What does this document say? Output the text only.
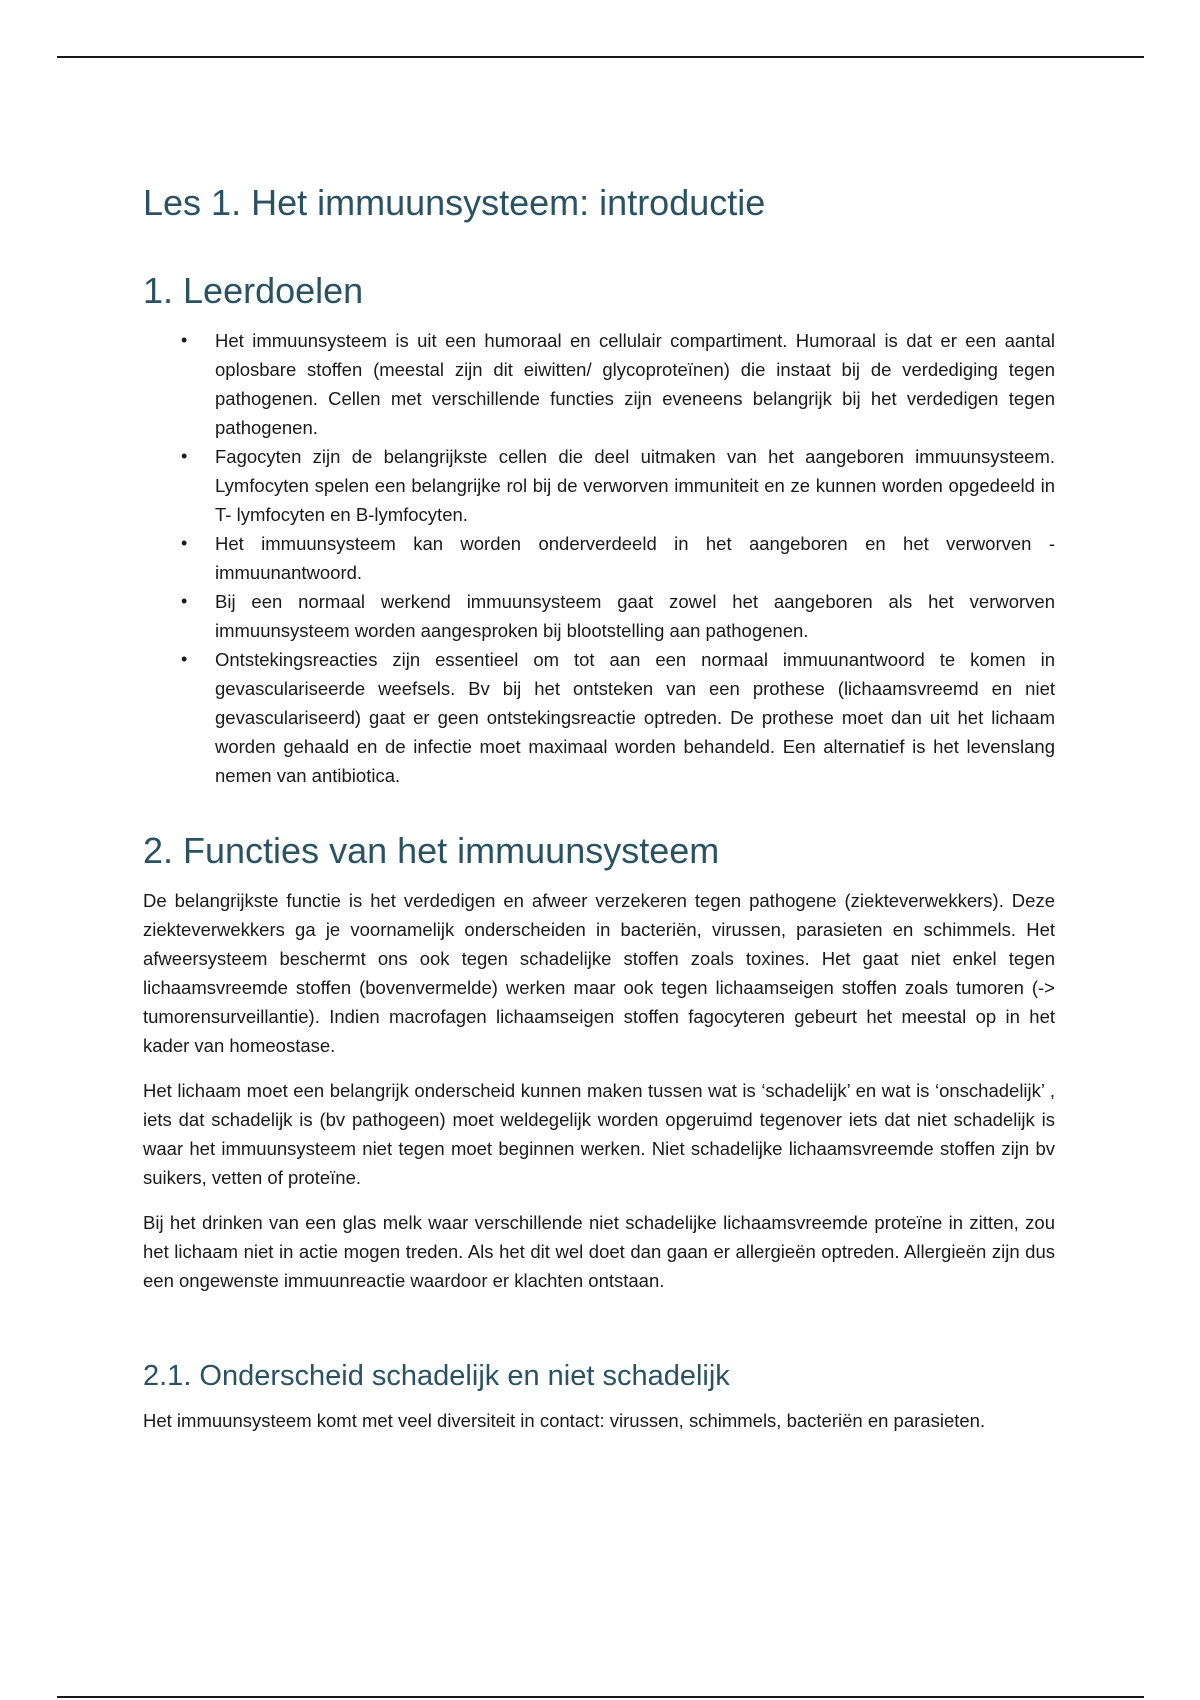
Les 1. Het immuunsysteem: introductie
1. Leerdoelen
• Het immuunsysteem is uit een humoraal en cellulair compartiment. Humoraal is dat er een aantal oplosbare stoffen (meestal zijn dit eiwitten/ glycoproteïnen) die instaat bij de verdediging tegen pathogenen. Cellen met verschillende functies zijn eveneens belangrijk bij het verdedigen tegen pathogenen.
• Fagocyten zijn de belangrijkste cellen die deel uitmaken van het aangeboren immuunsysteem. Lymfocyten spelen een belangrijke rol bij de verworven immuniteit en ze kunnen worden opgedeeld in T- lymfocyten en B-lymfocyten.
• Het immuunsysteem kan worden onderverdeeld in het aangeboren en het verworven - immuunantwoord.
• Bij een normaal werkend immuunsysteem gaat zowel het aangeboren als het verworven immuunsysteem worden aangesproken bij blootstelling aan pathogenen.
• Ontstekingsreacties zijn essentieel om tot aan een normaal immuunantwoord te komen in gevasculariseerde weefsels. Bv bij het ontsteken van een prothese (lichaamsvreemd en niet gevasculariseerd) gaat er geen ontstekingsreactie optreden. De prothese moet dan uit het lichaam worden gehaald en de infectie moet maximaal worden behandeld. Een alternatief is het levenslang nemen van antibiotica.
2. Functies van het immuunsysteem

De belangrijkste functie is het verdedigen en afweer verzekeren tegen pathogene (ziekteverwekkers). Deze ziekteverwekkers ga je voornamelijk onderscheiden in bacteriën, virussen, parasieten en schimmels. Het afweersysteem beschermt ons ook tegen schadelijke stoffen zoals toxines. Het gaat niet enkel tegen lichaamsvreemde stoffen (bovenvermelde) werken maar ook tegen lichaamseigen stoffen zoals tumoren (-> tumorensurveillantie). Indien macrofagen lichaamseigen stoffen fagocyteren gebeurt het meestal op in het kader van homeostase.

Het lichaam moet een belangrijk onderscheid kunnen maken tussen wat is ‘schadelijk’ en wat is ‘onschadelijk’ , iets dat schadelijk is (bv pathogeen) moet weldegelijk worden opgeruimd tegenover iets dat niet schadelijk is waar het immuunsysteem niet tegen moet beginnen werken. Niet schadelijke lichaamsvreemde stoffen zijn bv suikers, vetten of proteïne.

Bij het drinken van een glas melk waar verschillende niet schadelijke lichaamsvreemde proteïne in zitten, zou het lichaam niet in actie mogen treden. Als het dit wel doet dan gaan er allergieën optreden. Allergieën zijn dus een ongewenste immuunreactie waardoor er klachten ontstaan.

2.1. Onderscheid schadelijk en niet schadelijk

Het immuunsysteem komt met veel diversiteit in contact: virussen, schimmels, bacteriën en parasieten.
